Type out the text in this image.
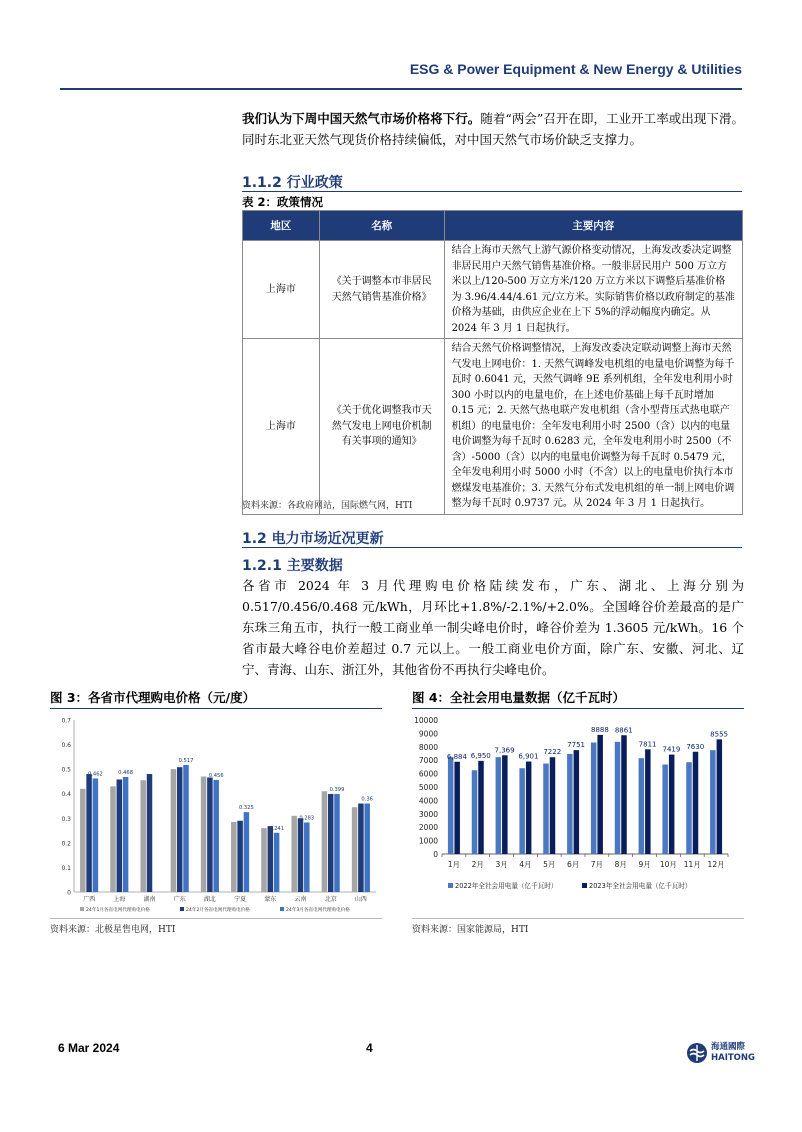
ESG & Power Equipment & New Energy & Utilities
我们认为下周中国天然气市场价格将下行。随着“两会”召开在即，工业开工率或出现下滑。同时东北亚天然气现货价格持续偏低，对中国天然气市场价缺乏支撑力。
1.1.2 行业政策
表 2：政策情况
地区	名称	主要内容
上海市	《关于调整本市非居民天然气销售基准价格》	结合上海市天然气上游气源价格变动情况，上海发改委决定调整非居民用户天然气销售基准价格。一般非居民用户 500 万立方米以上/120-500 万立方米/120 万立方米以下调整后基准价格为 3.96/4.44/4.61 元/立方米。实际销售价格以政府制定的基准价格为基础，由供应企业在上下 5%的浮动幅度内确定。从 2024 年 3 月 1 日起执行。
上海市	《关于优化调整我市天然气发电上网电价机制有关事项的通知》	结合天然气价格调整情况，上海发改委决定联动调整上海市天然气发电上网电价：1. 天然气调峰发电机组的电量电价调整为每千瓦时 0.6041 元，天然气调峰 9E 系列机组，全年发电利用小时 300 小时以内的电量电价，在上述电价基础上每千瓦时增加 0.15 元；2. 天然气热电联产发电机组（含小型背压式热电联产机组）的电量电价：全年发电利用小时 2500（含）以内的电量电价调整为每千瓦时 0.6283 元，全年发电利用小时 2500（不含）-5000（含）以内的电量电价调整为每千瓦时 0.5479 元，全年发电利用小时 5000 小时（不含）以上的电量电价执行本市燃煤发电基准价；3. 天然气分布式发电机组的单一制上网电价调整为每千瓦时 0.9737 元。从 2024 年 3 月 1 日起执行。
资料来源：各政府网站，国际燃气网，HTI
1.2 电力市场近况更新
1.2.1 主要数据
各省市 2024 年 3 月代理购电价格陆续发布，广东、湖北、上海分别为 0.517/0.456/0.468 元/kWh，月环比+1.8%/-2.1%/+2.0%。全国峰谷价差最高的是广东珠三角五市，执行一般工商业单一制尖峰电价时，峰谷价差为 1.3605 元/kWh。16 个省市最大峰谷电价差超过 0.7 元以上。一般工商业电价方面，除广东、安徽、河北、辽宁、青海、山东、浙江外，其他省份不再执行尖峰电价。
图 3：各省市代理购电价格（元/度）
0
0.1
0.2
0.3
0.4
0.5
0.6
0.7
广西	上海	湖南	广东	湖北	宁夏	蒙东	云南	北京	山西
0.462	0.468
0.517
0.456
0.325
0.241
0.283
0.399
0.36
24年1月各省电网代理购电价格	24年2月各省电网代理购电价格	24年3月各省电网代理购电价格
资料来源：北极星售电网，HTI
图 4：全社会用电量数据（亿千瓦时）
0
1000
2000
3000
4000
5000
6000
7000
8000
9000
10000
1月
6,884
2月
6,950
3月
7,369
4月
6,901
5月
7222
6月
7751
7月
8888
8月
8861
9月
7811
10月
7419
11月
7630
12月
8555
2022年全社会用电量（亿千瓦时）	2023年全社会用电量（亿千瓦时）
资料来源：国家能源局，HTI
6 Mar 2024	4	海通國際
HAITONG
